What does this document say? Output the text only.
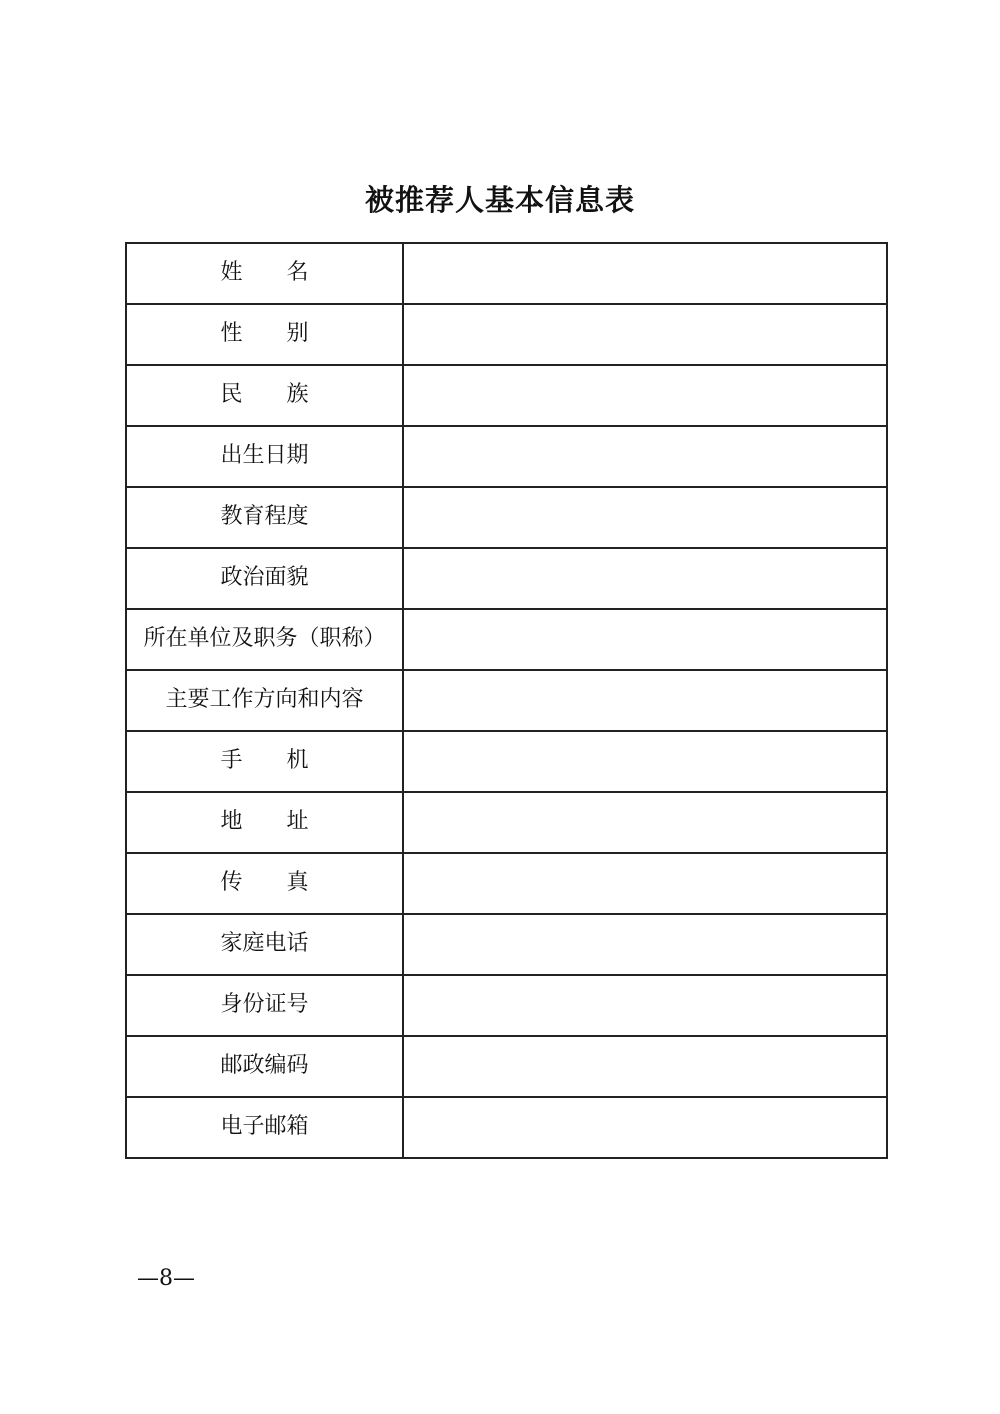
被推荐人基本信息表
姓　　名	
性　　别	
民　　族	
出生日期	
教育程度	
政治面貌	
所在单位及职务（职称）	
主要工作方向和内容	
手　　机	
地　　址	
传　　真	
家庭电话	
身份证号	
邮政编码	
电子邮箱	
—8—
